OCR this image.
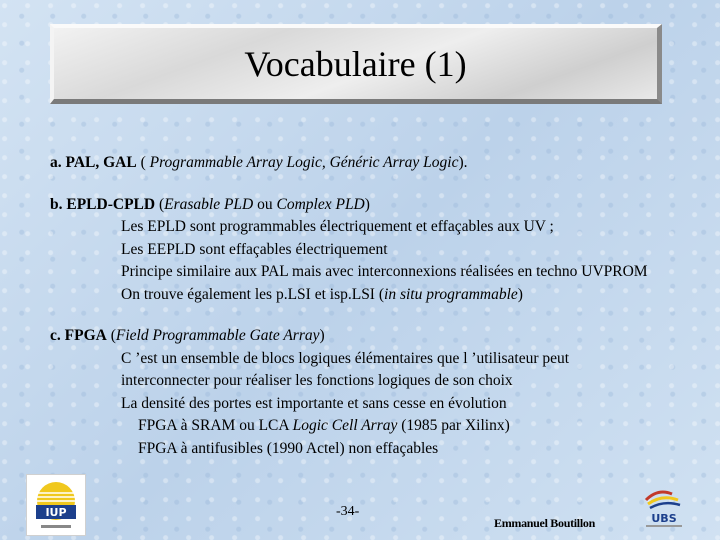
Vocabulaire (1)
a. PAL, GAL ( Programmable Array Logic, Généric Array Logic).
b. EPLD-CPLD (Erasable PLD ou Complex PLD)
Les EPLD sont programmables électriquement et effaçables aux UV ;
Les EEPLD sont effaçables électriquement
Principe similaire aux PAL mais avec interconnexions réalisées en techno UVPROM
On trouve également les p.LSI et isp.LSI (in situ programmable)
c. FPGA (Field Programmable Gate Array)
C ’est un ensemble de blocs logiques élémentaires que l ’utilisateur peut
interconnecter pour réaliser les fonctions logiques de son choix
La densité des portes est importante et sans cesse en évolution
FPGA à SRAM ou LCA Logic Cell Array (1985 par Xilinx)
FPGA à antifusibles (1990 Actel) non effaçables
IUP	-34-
Emmanuel Boutillon	UBS
